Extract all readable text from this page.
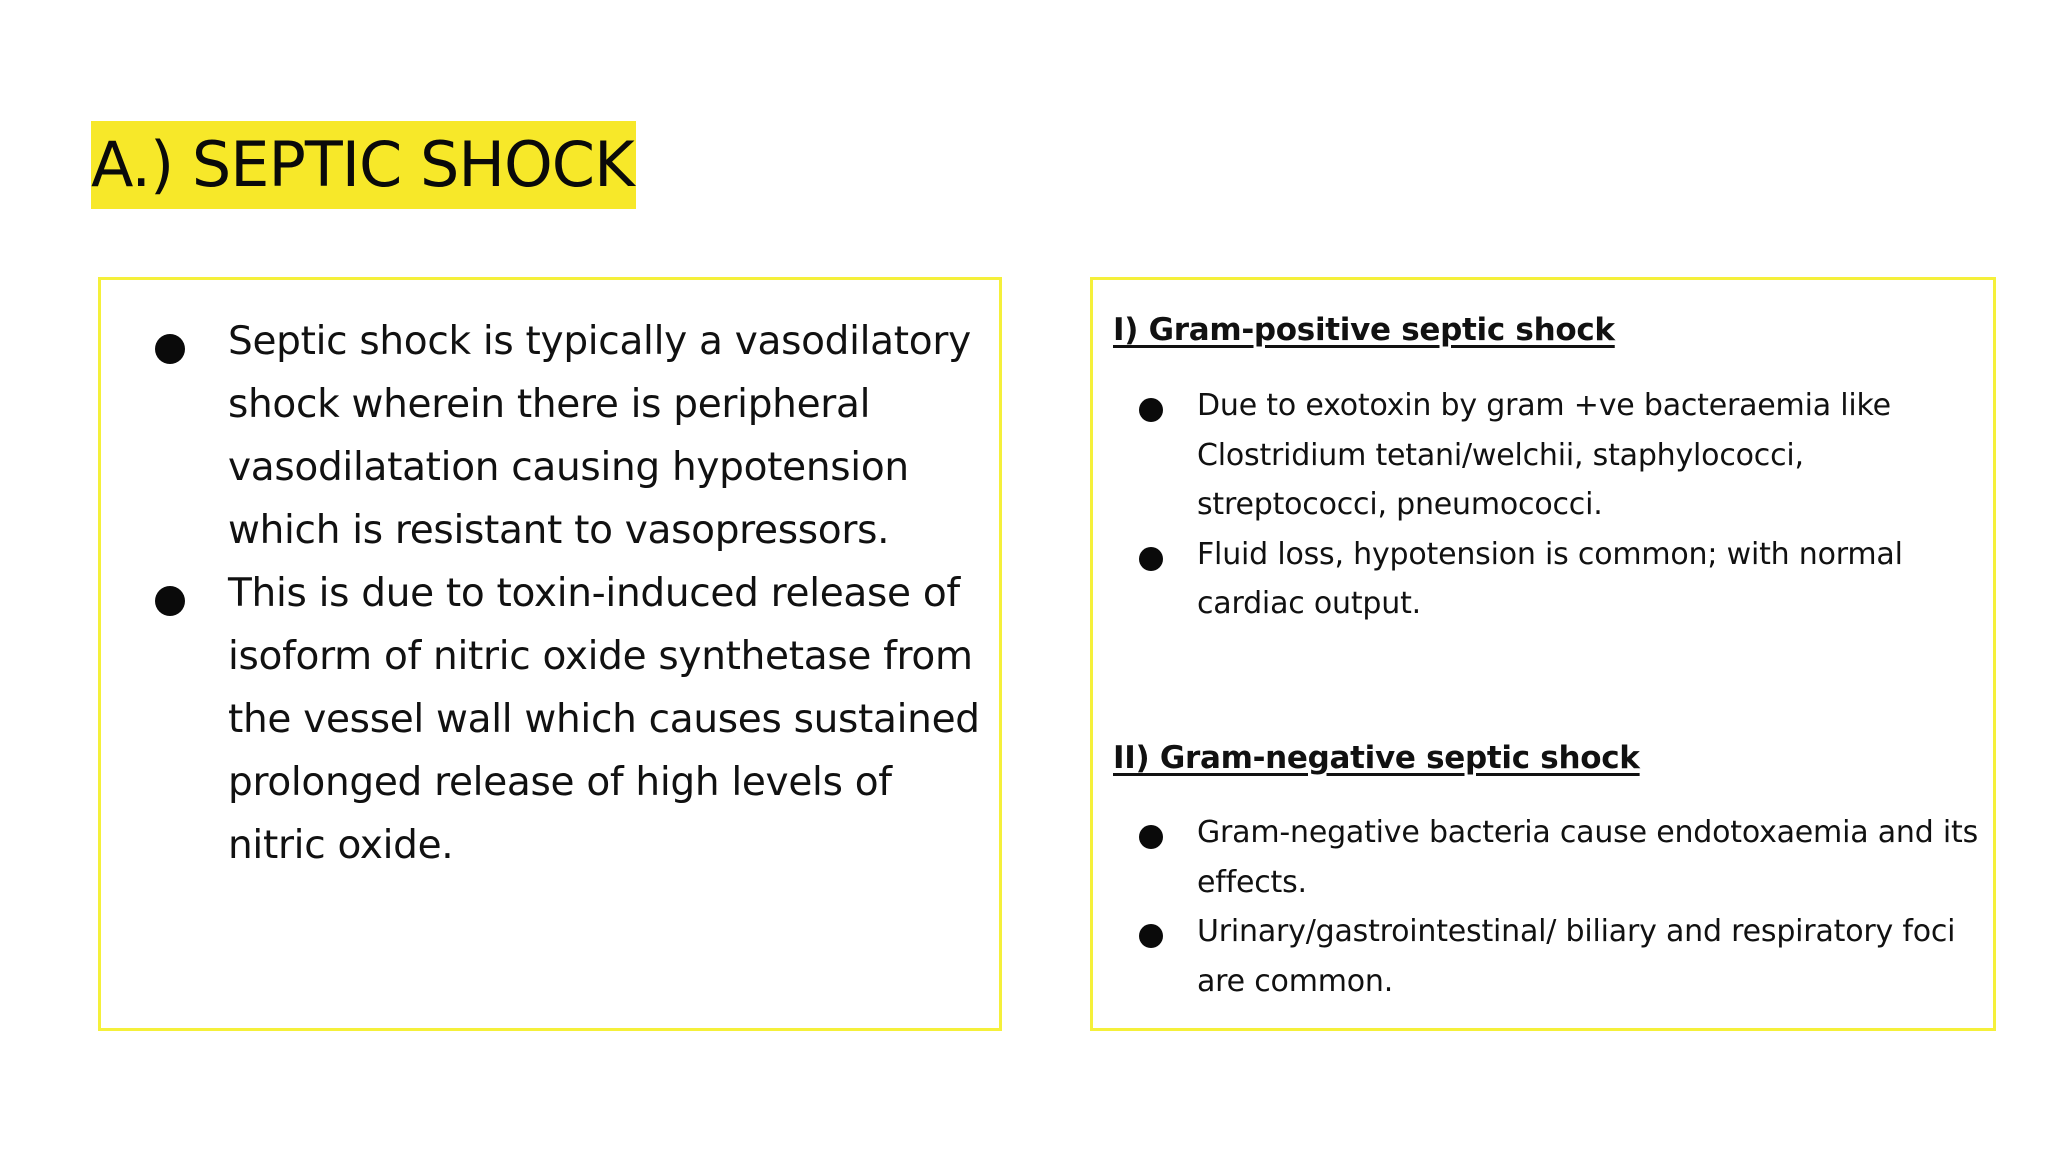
A.) SEPTIC SHOCK
Septic shock is typically a vasodilatory shock wherein there is peripheral vasodilatation causing hypotension which is resistant to vasopressors.
This is due to toxin-induced release of isoform of nitric oxide synthetase from the vessel wall which causes sustained prolonged release of high levels of nitric oxide.
I) Gram-positive septic shock
Due to exotoxin by gram +ve bacteraemia like Clostridium tetani/welchii, staphylococci, streptococci, pneumococci.
Fluid loss, hypotension is common; with normal cardiac output.
II) Gram-negative septic shock
Gram-negative bacteria cause endotoxaemia and its effects.
Urinary/gastrointestinal/ biliary and respiratory foci are common.
